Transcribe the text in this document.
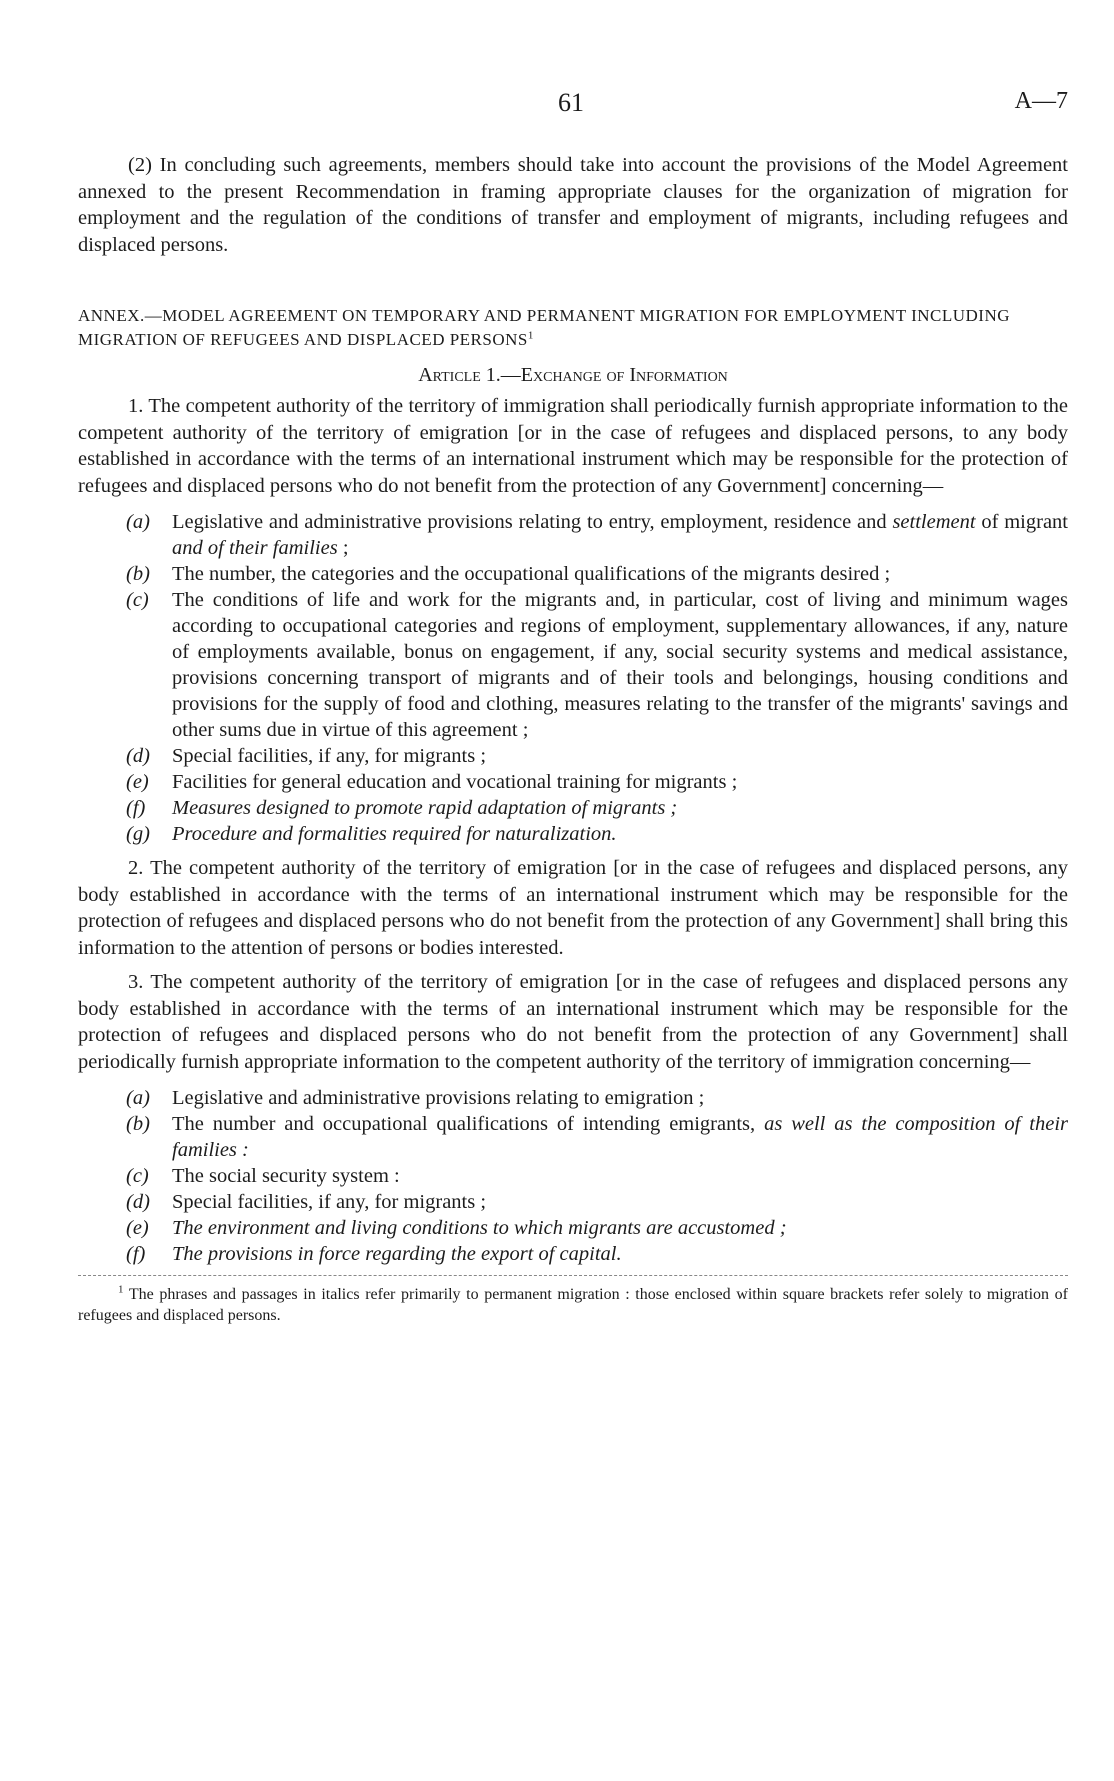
61	A—7

(2) In concluding such agreements, members should take into account the provisions of the Model Agreement annexed to the present Recommendation in framing appropriate clauses for the organization of migration for employment and the regulation of the conditions of transfer and employment of migrants, including refugees and displaced persons.

ANNEX.—MODEL AGREEMENT ON TEMPORARY AND PERMANENT MIGRATION FOR EMPLOYMENT INCLUDING MIGRATION OF REFUGEES AND DISPLACED PERSONS$^1$

Article 1.—Exchange of Information

1. The competent authority of the territory of immigration shall periodically furnish appropriate information to the competent authority of the territory of emigration [or in the case of refugees and displaced persons, to any body established in accordance with the terms of an international instrument which may be responsible for the protection of refugees and displaced persons who do not benefit from the protection of any Government] concerning—

(a)	Legislative and administrative provisions relating to entry, employment, residence and settlement of migrant and of their families ;
(b)	The number, the categories and the occupational qualifications of the migrants desired ;
(c)	The conditions of life and work for the migrants and, in particular, cost of living and minimum wages according to occupational categories and regions of employment, supplementary allowances, if any, nature of employments available, bonus on engagement, if any, social security systems and medical assistance, provisions concerning transport of migrants and of their tools and belongings, housing conditions and provisions for the supply of food and clothing, measures relating to the transfer of the migrants' savings and other sums due in virtue of this agreement ;
(d)	Special facilities, if any, for migrants ;
(e)	Facilities for general education and vocational training for migrants ;
(f)	Measures designed to promote rapid adaptation of migrants ;
(g)	Procedure and formalities required for naturalization.

2. The competent authority of the territory of emigration [or in the case of refugees and displaced persons, any body established in accordance with the terms of an international instrument which may be responsible for the protection of refugees and displaced persons who do not benefit from the protection of any Government] shall bring this information to the attention of persons or bodies interested.

3. The competent authority of the territory of emigration [or in the case of refugees and displaced persons any body established in accordance with the terms of an international instrument which may be responsible for the protection of refugees and displaced persons who do not benefit from the protection of any Government] shall periodically furnish appropriate information to the competent authority of the territory of immigration concerning—

(a)	Legislative and administrative provisions relating to emigration ;
(b)	The number and occupational qualifications of intending emigrants, as well as the composition of their families :
(c)	The social security system :
(d)	Special facilities, if any, for migrants ;
(e)	The environment and living conditions to which migrants are accustomed ;
(f)	The provisions in force regarding the export of capital.

$^1$ The phrases and passages in italics refer primarily to permanent migration : those enclosed within square brackets refer solely to migration of refugees and displaced persons.
